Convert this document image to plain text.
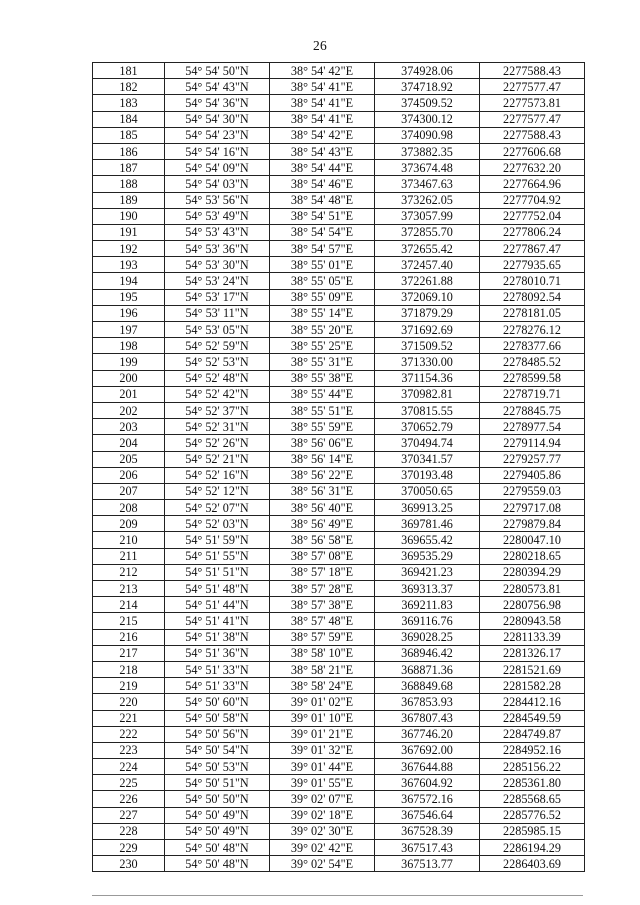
26
181	54° 54' 50"N	38° 54' 42"E	374928.06	2277588.43
182	54° 54' 43"N	38° 54' 41"E	374718.92	2277577.47
183	54° 54' 36"N	38° 54' 41"E	374509.52	2277573.81
184	54° 54' 30"N	38° 54' 41"E	374300.12	2277577.47
185	54° 54' 23"N	38° 54' 42"E	374090.98	2277588.43
186	54° 54' 16"N	38° 54' 43"E	373882.35	2277606.68
187	54° 54' 09"N	38° 54' 44"E	373674.48	2277632.20
188	54° 54' 03"N	38° 54' 46"E	373467.63	2277664.96
189	54° 53' 56"N	38° 54' 48"E	373262.05	2277704.92
190	54° 53' 49"N	38° 54' 51"E	373057.99	2277752.04
191	54° 53' 43"N	38° 54' 54"E	372855.70	2277806.24
192	54° 53' 36"N	38° 54' 57"E	372655.42	2277867.47
193	54° 53' 30"N	38° 55' 01"E	372457.40	2277935.65
194	54° 53' 24"N	38° 55' 05"E	372261.88	2278010.71
195	54° 53' 17"N	38° 55' 09"E	372069.10	2278092.54
196	54° 53' 11"N	38° 55' 14"E	371879.29	2278181.05
197	54° 53' 05"N	38° 55' 20"E	371692.69	2278276.12
198	54° 52' 59"N	38° 55' 25"E	371509.52	2278377.66
199	54° 52' 53"N	38° 55' 31"E	371330.00	2278485.52
200	54° 52' 48"N	38° 55' 38"E	371154.36	2278599.58
201	54° 52' 42"N	38° 55' 44"E	370982.81	2278719.71
202	54° 52' 37"N	38° 55' 51"E	370815.55	2278845.75
203	54° 52' 31"N	38° 55' 59"E	370652.79	2278977.54
204	54° 52' 26"N	38° 56' 06"E	370494.74	2279114.94
205	54° 52' 21"N	38° 56' 14"E	370341.57	2279257.77
206	54° 52' 16"N	38° 56' 22"E	370193.48	2279405.86
207	54° 52' 12"N	38° 56' 31"E	370050.65	2279559.03
208	54° 52' 07"N	38° 56' 40"E	369913.25	2279717.08
209	54° 52' 03"N	38° 56' 49"E	369781.46	2279879.84
210	54° 51' 59"N	38° 56' 58"E	369655.42	2280047.10
211	54° 51' 55"N	38° 57' 08"E	369535.29	2280218.65
212	54° 51' 51"N	38° 57' 18"E	369421.23	2280394.29
213	54° 51' 48"N	38° 57' 28"E	369313.37	2280573.81
214	54° 51' 44"N	38° 57' 38"E	369211.83	2280756.98
215	54° 51' 41"N	38° 57' 48"E	369116.76	2280943.58
216	54° 51' 38"N	38° 57' 59"E	369028.25	2281133.39
217	54° 51' 36"N	38° 58' 10"E	368946.42	2281326.17
218	54° 51' 33"N	38° 58' 21"E	368871.36	2281521.69
219	54° 51' 33"N	38° 58' 24"E	368849.68	2281582.28
220	54° 50' 60"N	39° 01' 02"E	367853.93	2284412.16
221	54° 50' 58"N	39° 01' 10"E	367807.43	2284549.59
222	54° 50' 56"N	39° 01' 21"E	367746.20	2284749.87
223	54° 50' 54"N	39° 01' 32"E	367692.00	2284952.16
224	54° 50' 53"N	39° 01' 44"E	367644.88	2285156.22
225	54° 50' 51"N	39° 01' 55"E	367604.92	2285361.80
226	54° 50' 50"N	39° 02' 07"E	367572.16	2285568.65
227	54° 50' 49"N	39° 02' 18"E	367546.64	2285776.52
228	54° 50' 49"N	39° 02' 30"E	367528.39	2285985.15
229	54° 50' 48"N	39° 02' 42"E	367517.43	2286194.29
230	54° 50' 48"N	39° 02' 54"E	367513.77	2286403.69
